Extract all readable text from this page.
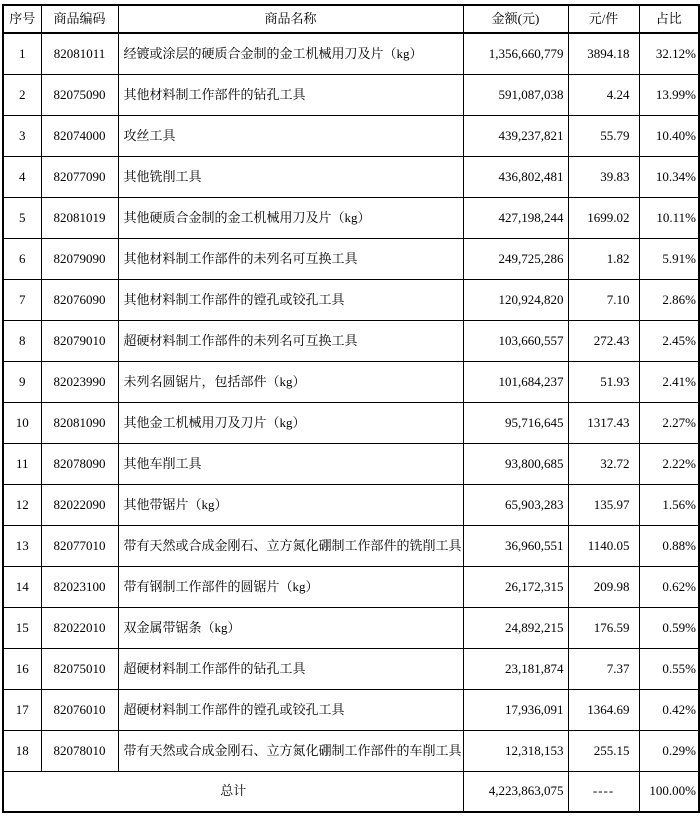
序号	商品编码	商品名称	金额(元)	元/件	占比
1	82081011	经镀或涂层的硬质合金制的金工机械用刀及片（kg）	1,356,660,779	3894.18	32.12%
2	82075090	其他材料制工作部件的钻孔工具	591,087,038	4.24	13.99%
3	82074000	攻丝工具	439,237,821	55.79	10.40%
4	82077090	其他铣削工具	436,802,481	39.83	10.34%
5	82081019	其他硬质合金制的金工机械用刀及片（kg）	427,198,244	1699.02	10.11%
6	82079090	其他材料制工作部件的未列名可互换工具	249,725,286	1.82	5.91%
7	82076090	其他材料制工作部件的镗孔或铰孔工具	120,924,820	7.10	2.86%
8	82079010	超硬材料制工作部件的未列名可互换工具	103,660,557	272.43	2.45%
9	82023990	未列名圆锯片，包括部件（kg）	101,684,237	51.93	2.41%
10	82081090	其他金工机械用刀及刀片（kg）	95,716,645	1317.43	2.27%
11	82078090	其他车削工具	93,800,685	32.72	2.22%
12	82022090	其他带锯片（kg）	65,903,283	135.97	1.56%
13	82077010	带有天然或合成金刚石、立方氮化硼制工作部件的铣削工具	36,960,551	1140.05	0.88%
14	82023100	带有钢制工作部件的圆锯片（kg）	26,172,315	209.98	0.62%
15	82022010	双金属带锯条（kg）	24,892,215	176.59	0.59%
16	82075010	超硬材料制工作部件的钻孔工具	23,181,874	7.37	0.55%
17	82076010	超硬材料制工作部件的镗孔或铰孔工具	17,936,091	1364.69	0.42%
18	82078010	带有天然或合成金刚石、立方氮化硼制工作部件的车削工具	12,318,153	255.15	0.29%
总计			4,223,863,075	----	100.00%
